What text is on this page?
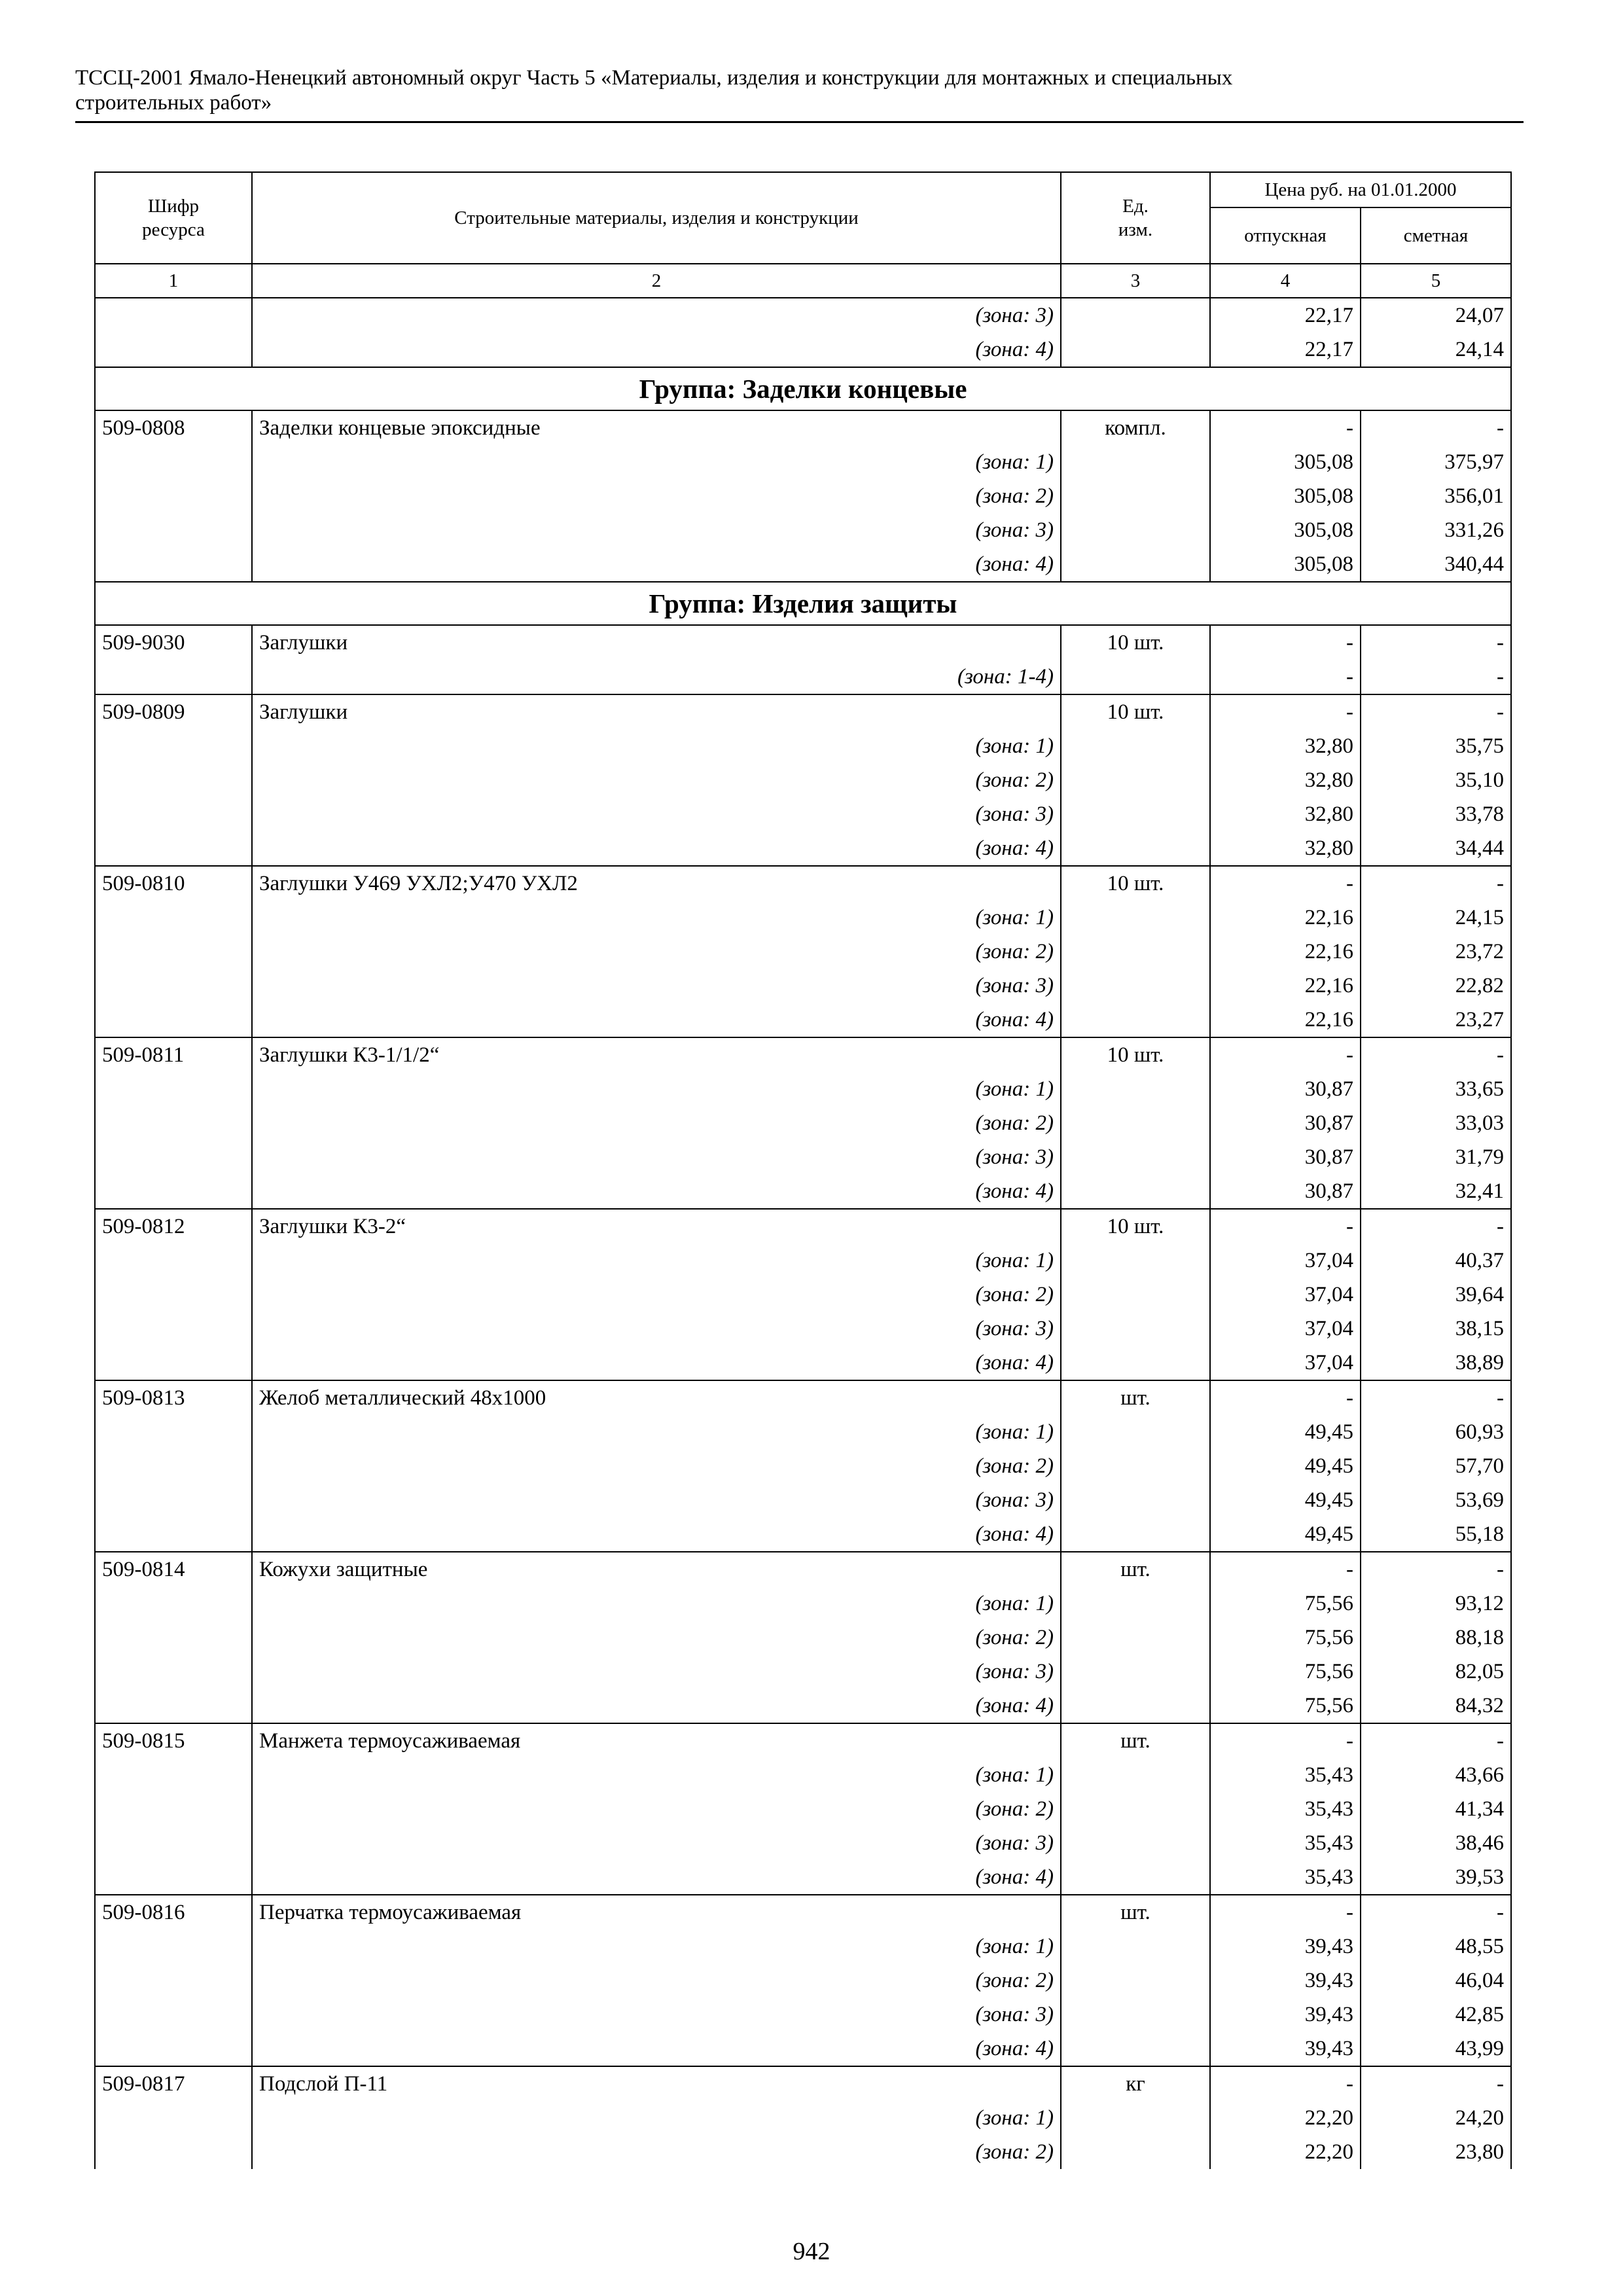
ТССЦ-2001 Ямало-Ненецкий автономный округ Часть 5 «Материалы, изделия и конструкции для монтажных и специальных
строительных работ»
Шифр ресурса	Строительные материалы, изделия и конструкции	Ед. изм.	Цена руб. на 01.01.2000	
			отпускная	сметная
1	2	3	4	5
	(зона: 3)		22,17	24,07
	(зона: 4)		22,17	24,14
Группа: Заделки концевые				
509-0808	Заделки концевые эпоксидные	компл.	-	-
	(зона: 1)		305,08	375,97
	(зона: 2)		305,08	356,01
	(зона: 3)		305,08	331,26
	(зона: 4)		305,08	340,44
Группа: Изделия защиты				
509-9030	Заглушки	10 шт.	-	-
	(зона: 1-4)		-	-
509-0809	Заглушки	10 шт.	-	-
	(зона: 1)		32,80	35,75
	(зона: 2)		32,80	35,10
	(зона: 3)		32,80	33,78
	(зона: 4)		32,80	34,44
509-0810	Заглушки У469 УХЛ2;У470 УХЛ2	10 шт.	-	-
	(зона: 1)		22,16	24,15
	(зона: 2)		22,16	23,72
	(зона: 3)		22,16	22,82
	(зона: 4)		22,16	23,27
509-0811	Заглушки К3-1/1/2“	10 шт.	-	-
	(зона: 1)		30,87	33,65
	(зона: 2)		30,87	33,03
	(зона: 3)		30,87	31,79
	(зона: 4)		30,87	32,41
509-0812	Заглушки К3-2“	10 шт.	-	-
	(зона: 1)		37,04	40,37
	(зона: 2)		37,04	39,64
	(зона: 3)		37,04	38,15
	(зона: 4)		37,04	38,89
509-0813	Желоб металлический 48х1000	шт.	-	-
	(зона: 1)		49,45	60,93
	(зона: 2)		49,45	57,70
	(зона: 3)		49,45	53,69
	(зона: 4)		49,45	55,18
509-0814	Кожухи защитные	шт.	-	-
	(зона: 1)		75,56	93,12
	(зона: 2)		75,56	88,18
	(зона: 3)		75,56	82,05
	(зона: 4)		75,56	84,32
509-0815	Манжета термоусаживаемая	шт.	-	-
	(зона: 1)		35,43	43,66
	(зона: 2)		35,43	41,34
	(зона: 3)		35,43	38,46
	(зона: 4)		35,43	39,53
509-0816	Перчатка термоусаживаемая	шт.	-	-
	(зона: 1)		39,43	48,55
	(зона: 2)		39,43	46,04
	(зона: 3)		39,43	42,85
	(зона: 4)		39,43	43,99
509-0817	Подслой П-11	кг	-	-
	(зона: 1)		22,20	24,20
	(зона: 2)		22,20	23,80
942
